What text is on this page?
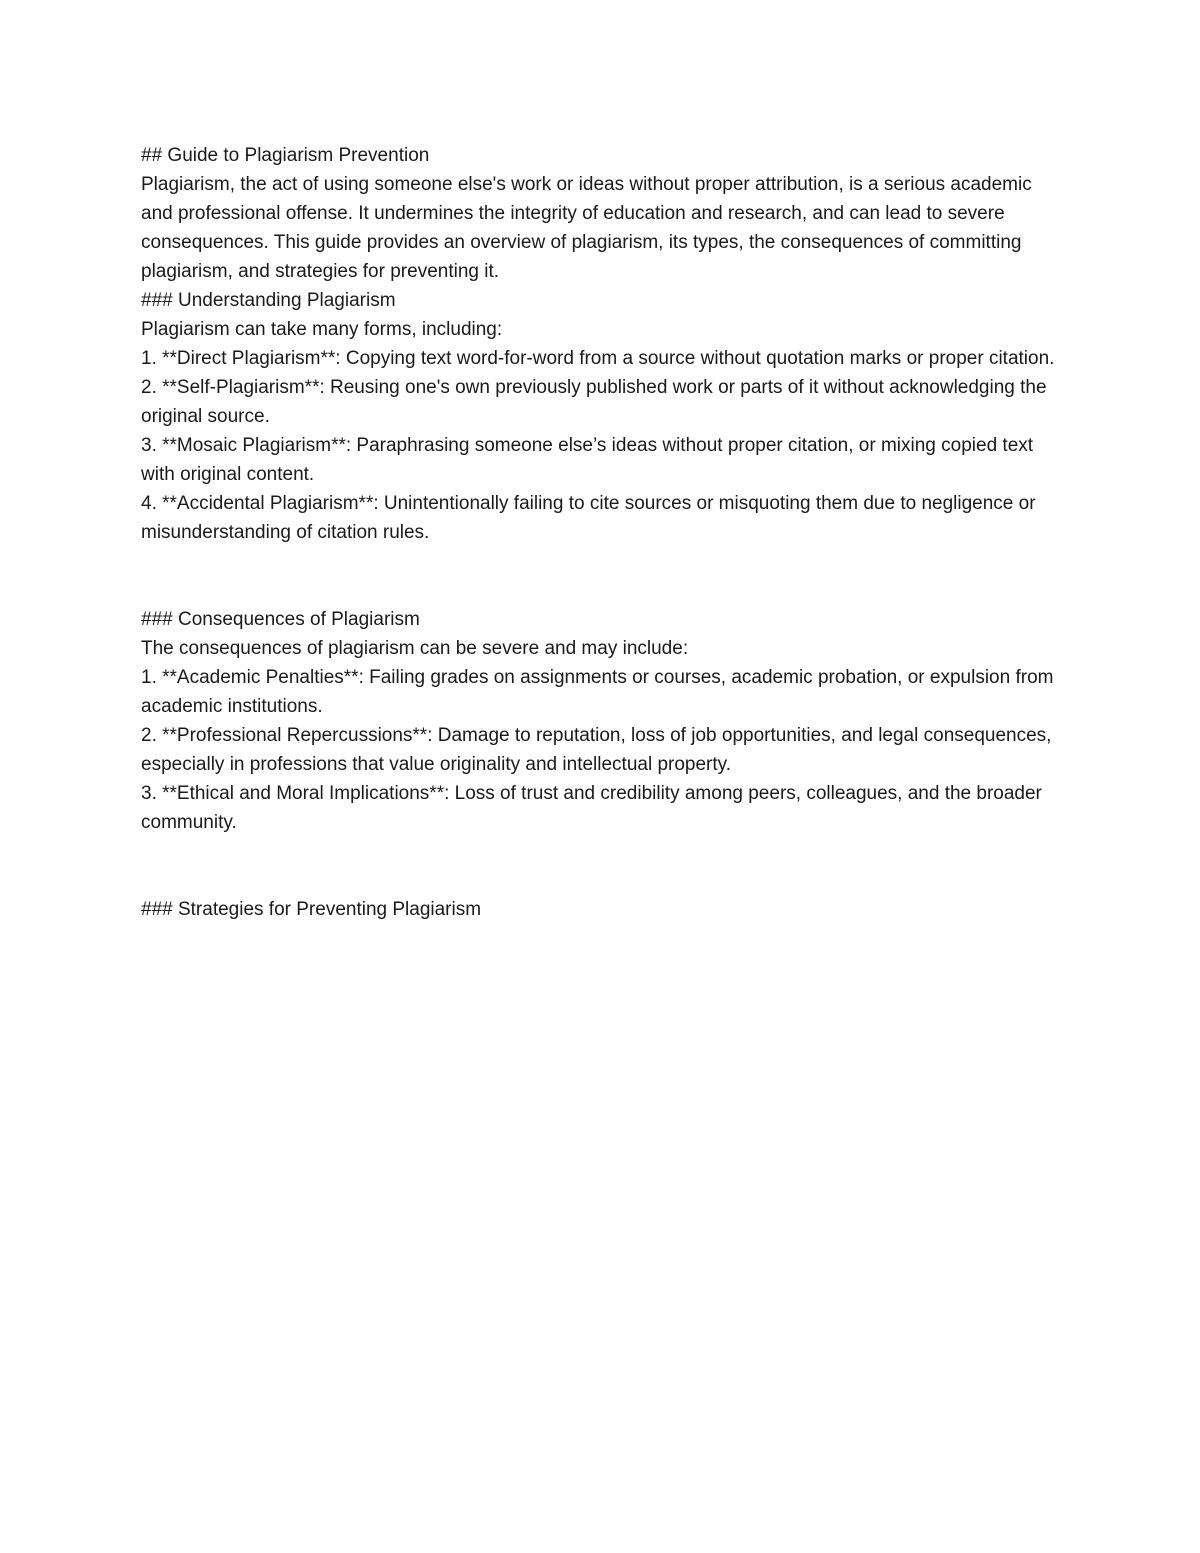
## Guide to Plagiarism Prevention

Plagiarism, the act of using someone else's work or ideas without proper attribution, is a serious academic and professional offense. It undermines the integrity of education and research, and can lead to severe consequences. This guide provides an overview of plagiarism, its types, the consequences of committing plagiarism, and strategies for preventing it.

### Understanding Plagiarism

Plagiarism can take many forms, including:

1. **Direct Plagiarism**: Copying text word-for-word from a source without quotation marks or proper citation.

2. **Self-Plagiarism**: Reusing one's own previously published work or parts of it without acknowledging the original source.

3. **Mosaic Plagiarism**: Paraphrasing someone else’s ideas without proper citation, or mixing copied text with original content.

4. **Accidental Plagiarism**: Unintentionally failing to cite sources or misquoting them due to negligence or misunderstanding of citation rules.

### Consequences of Plagiarism

The consequences of plagiarism can be severe and may include:

1. **Academic Penalties**: Failing grades on assignments or courses, academic probation, or expulsion from academic institutions.

2. **Professional Repercussions**: Damage to reputation, loss of job opportunities, and legal consequences, especially in professions that value originality and intellectual property.

3. **Ethical and Moral Implications**: Loss of trust and credibility among peers, colleagues, and the broader community.

### Strategies for Preventing Plagiarism
